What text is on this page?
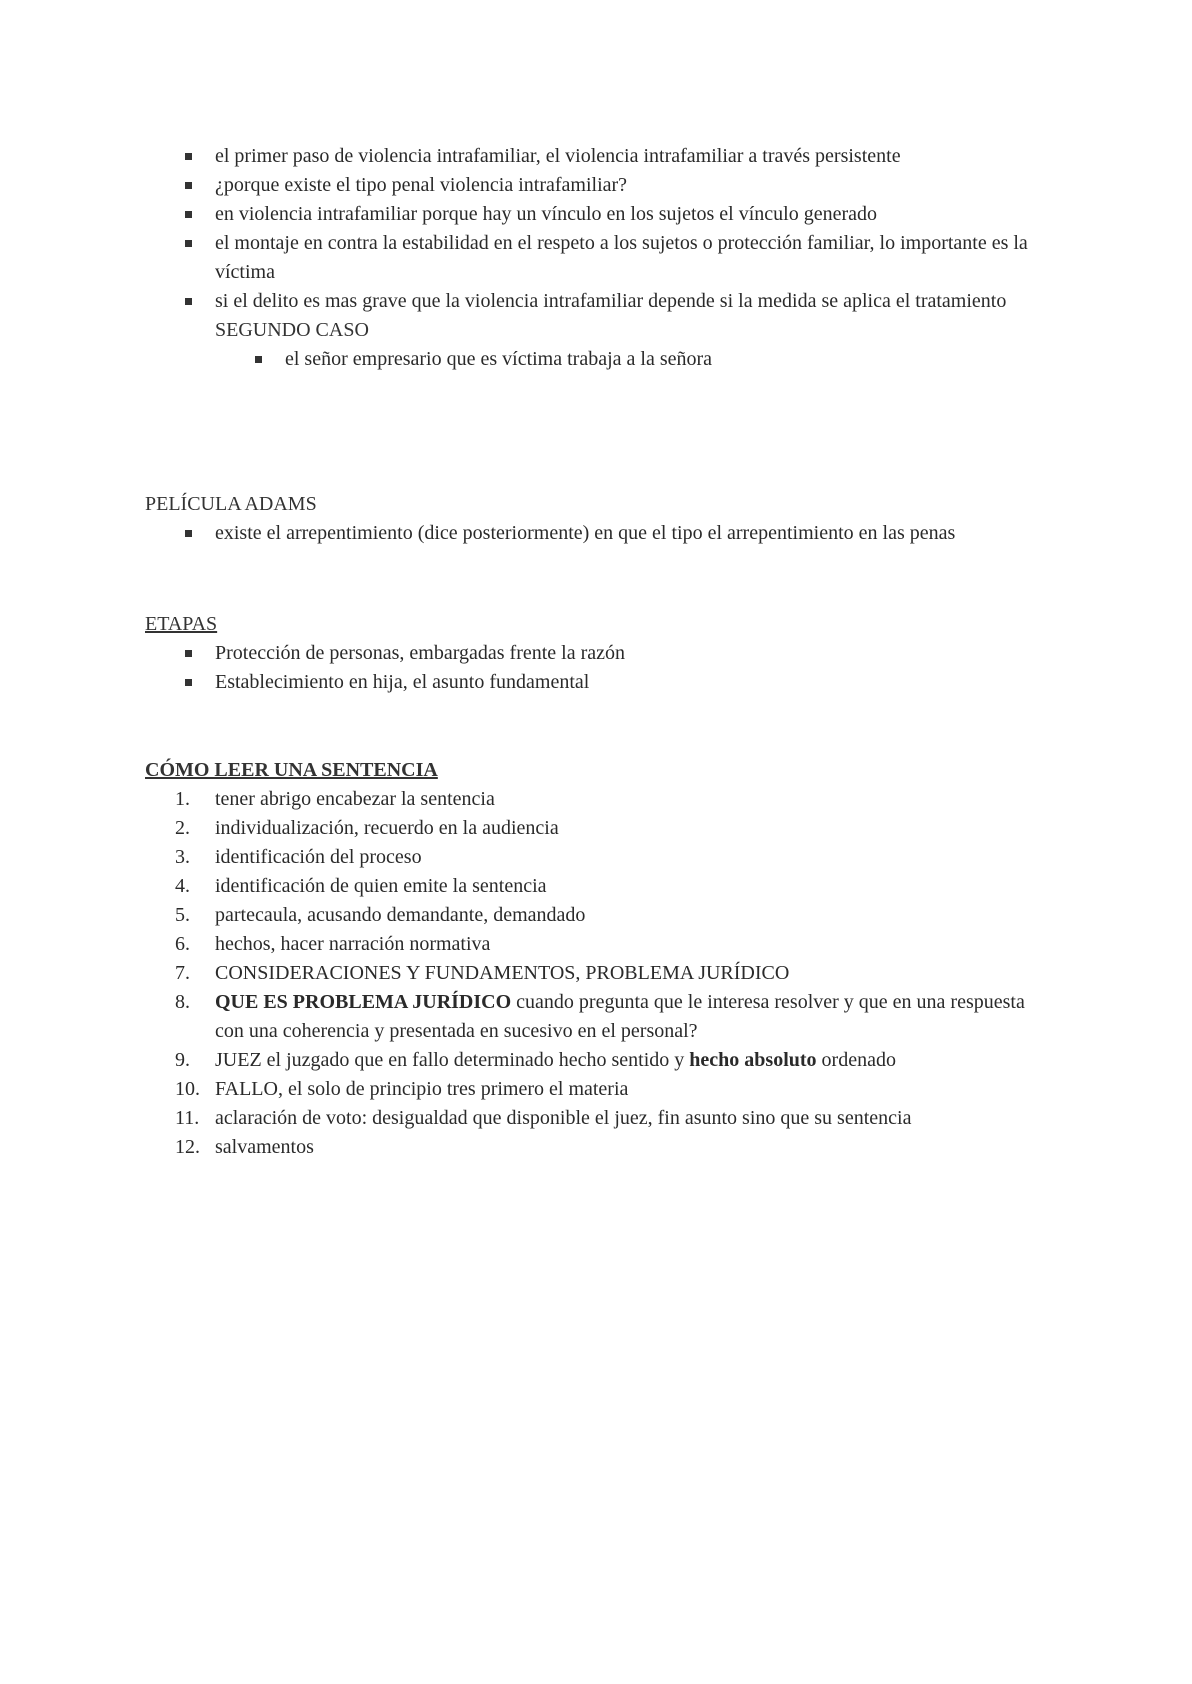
el primer paso de violencia intrafamiliar, el violencia intrafamiliar a través persistente
¿porque existe el tipo penal violencia intrafamiliar?
en violencia intrafamiliar porque hay un vínculo en los sujetos el vínculo generado
el montaje en contra la estabilidad en el respeto a los sujetos o protección familiar, lo importante es la víctima
si el delito es mas grave que la violencia intrafamiliar depende si la medida se aplica el tratamiento

SEGUNDO CASO

el señor empresario que es víctima trabaja a la señora

PELÍCULA ADAMS

existe el arrepentimiento (dice posteriormente) en que el tipo el arrepentimiento en las penas

ETAPAS

Protección de personas, embargadas frente la razón
Establecimiento en hija, el asunto fundamental

CÓMO LEER UNA SENTENCIA

1.	tener abrigo encabezar la sentencia
2.	individualización, recuerdo en la audiencia
3.	identificación del proceso
4.	identificación de quien emite la sentencia
5.	partecaula, acusando demandante, demandado
6.	hechos, hacer narración normativa
7.	CONSIDERACIONES Y FUNDAMENTOS, PROBLEMA JURÍDICO
8.	QUE ES PROBLEMA JURÍDICO cuando pregunta que le interesa resolver y que en una respuesta con una coherencia y presentada en sucesivo en el personal?
9.	JUEZ el juzgado que en fallo determinado hecho sentido y hecho absoluto ordenado
10. FALLO, el solo de principio tres primero el materia
11. aclaración de voto: desigualdad que disponible el juez, fin asunto sino que su sentencia
12. salvamentos
